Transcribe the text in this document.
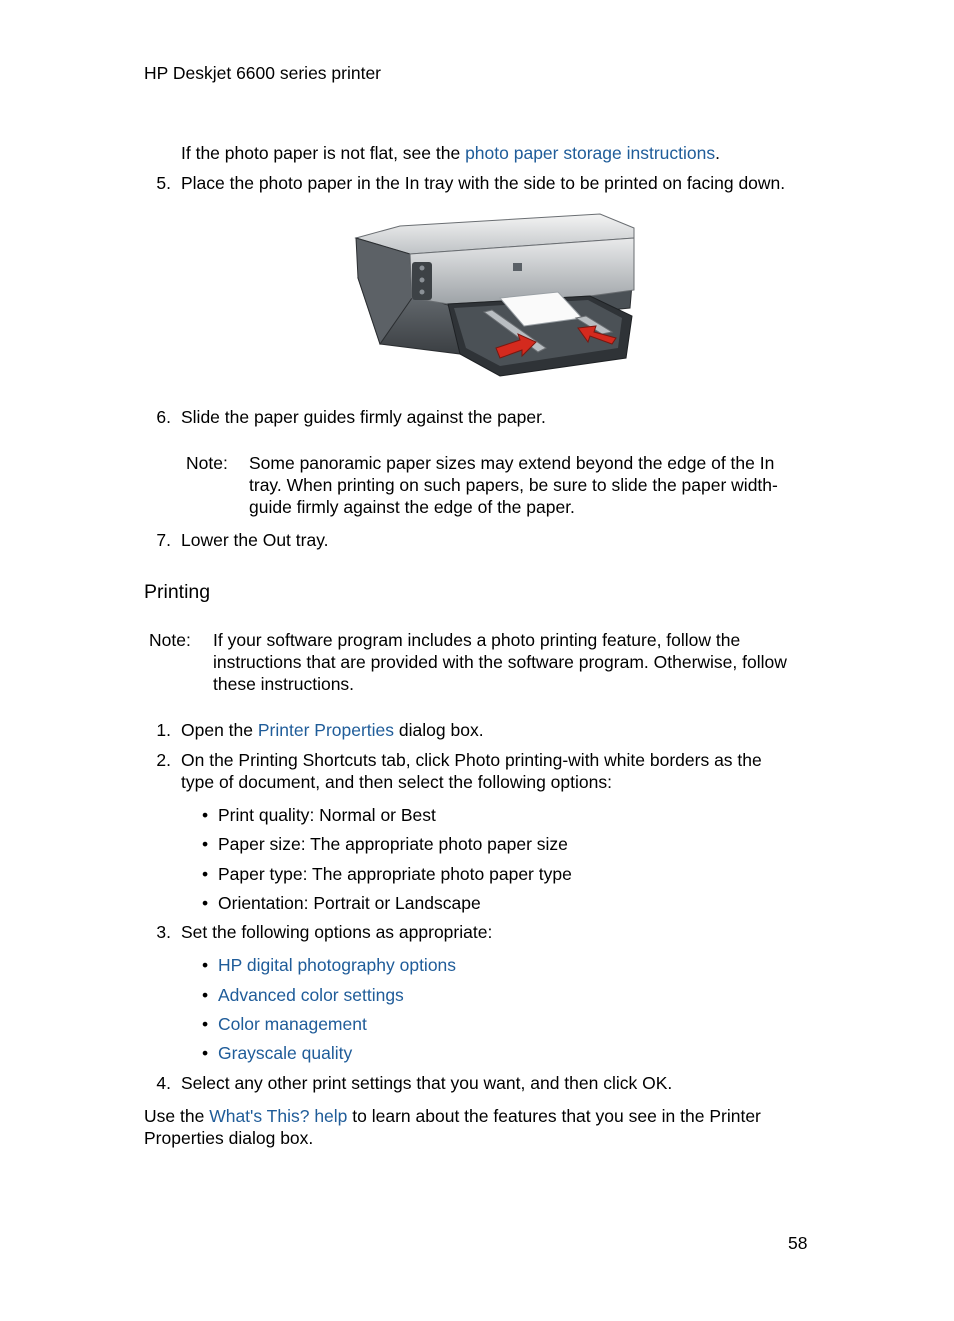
HP Deskjet 6600 series printer
If the photo paper is not flat, see the photo paper storage instructions.
5. Place the photo paper in the In tray with the side to be printed on facing down.
6. Slide the paper guides firmly against the paper.
Note: Some panoramic paper sizes may extend beyond the edge of the In
tray. When printing on such papers, be sure to slide the paper width-
guide firmly against the edge of the paper.
7. Lower the Out tray.
Printing
Note: If your software program includes a photo printing feature, follow the
instructions that are provided with the software program. Otherwise, follow
these instructions.
1. Open the Printer Properties dialog box.
2. On the Printing Shortcuts tab, click Photo printing-with white borders as the
type of document, and then select the following options:
• Print quality: Normal or Best
• Paper size: The appropriate photo paper size
• Paper type: The appropriate photo paper type
• Orientation: Portrait or Landscape
3. Set the following options as appropriate:
• HP digital photography options
• Advanced color settings
• Color management
• Grayscale quality
4. Select any other print settings that you want, and then click OK.
Use the What's This? help to learn about the features that you see in the Printer
Properties dialog box.
58
